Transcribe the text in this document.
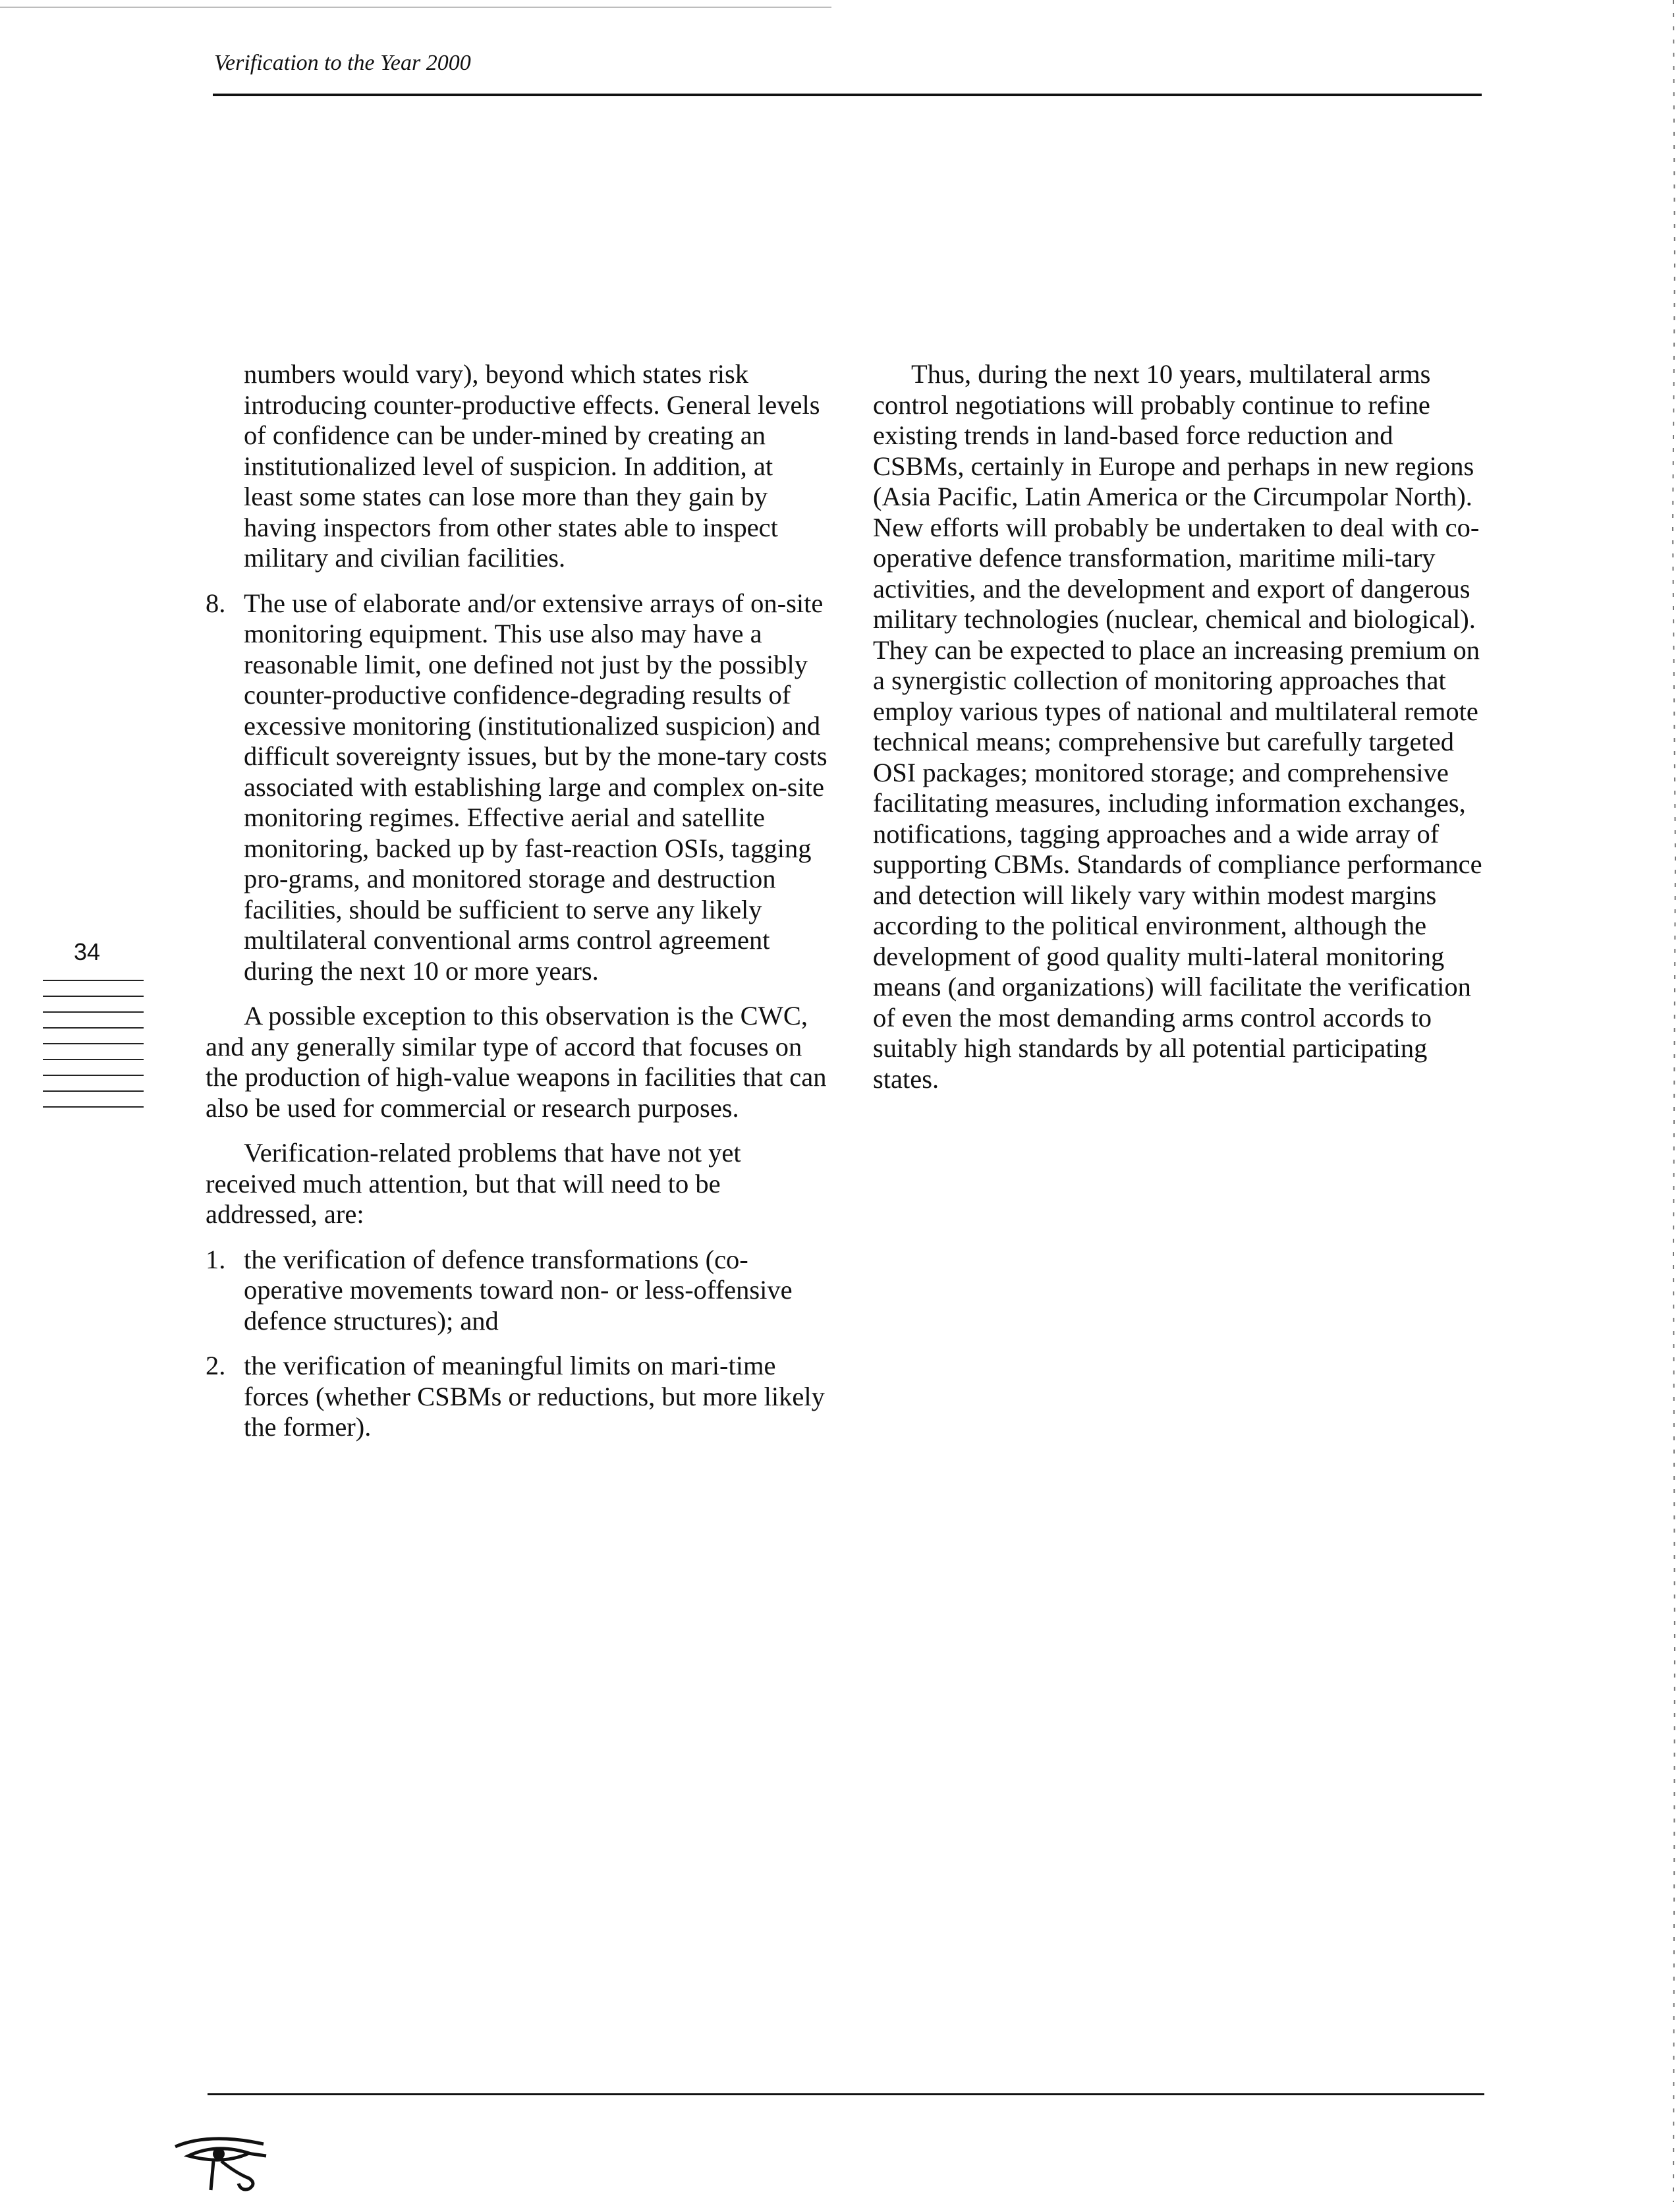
Verification to the Year 2000

numbers would vary), beyond which states risk introducing counter-productive effects. General levels of confidence can be under-mined by creating an institutionalized level of suspicion. In addition, at least some states can lose more than they gain by having inspectors from other states able to inspect military and civilian facilities.

8. The use of elaborate and/or extensive arrays of on-site monitoring equipment. This use also may have a reasonable limit, one defined not just by the possibly counter-productive confidence-degrading results of excessive monitoring (institutionalized suspicion) and difficult sovereignty issues, but by the mone-tary costs associated with establishing large and complex on-site monitoring regimes. Effective aerial and satellite monitoring, backed up by fast-reaction OSIs, tagging pro-grams, and monitored storage and destruction facilities, should be sufficient to serve any likely multilateral conventional arms control agreement during the next 10 or more years.

A possible exception to this observation is the CWC, and any generally similar type of accord that focuses on the production of high-value weapons in facilities that can also be used for commercial or research purposes.

Verification-related problems that have not yet received much attention, but that will need to be addressed, are:

1. the verification of defence transformations (co-operative movements toward non- or less-offensive defence structures); and
2. the verification of meaningful limits on mari-time forces (whether CSBMs or reductions, but more likely the former).

Thus, during the next 10 years, multilateral arms control negotiations will probably continue to refine existing trends in land-based force reduction and CSBMs, certainly in Europe and perhaps in new regions (Asia Pacific, Latin America or the Circumpolar North). New efforts will probably be undertaken to deal with co-operative defence transformation, maritime mili-tary activities, and the development and export of dangerous military technologies (nuclear, chemical and biological). They can be expected to place an increasing premium on a synergistic collection of monitoring approaches that employ various types of national and multilateral remote technical means; comprehensive but carefully targeted OSI packages; monitored storage; and comprehensive facilitating measures, including information exchanges, notifications, tagging approaches and a wide array of supporting CBMs. Standards of compliance performance and detection will likely vary within modest margins according to the political environment, although the development of good quality multi-lateral monitoring means (and organizations) will facilitate the verification of even the most demanding arms control accords to suitably high standards by all potential participating states.

34
